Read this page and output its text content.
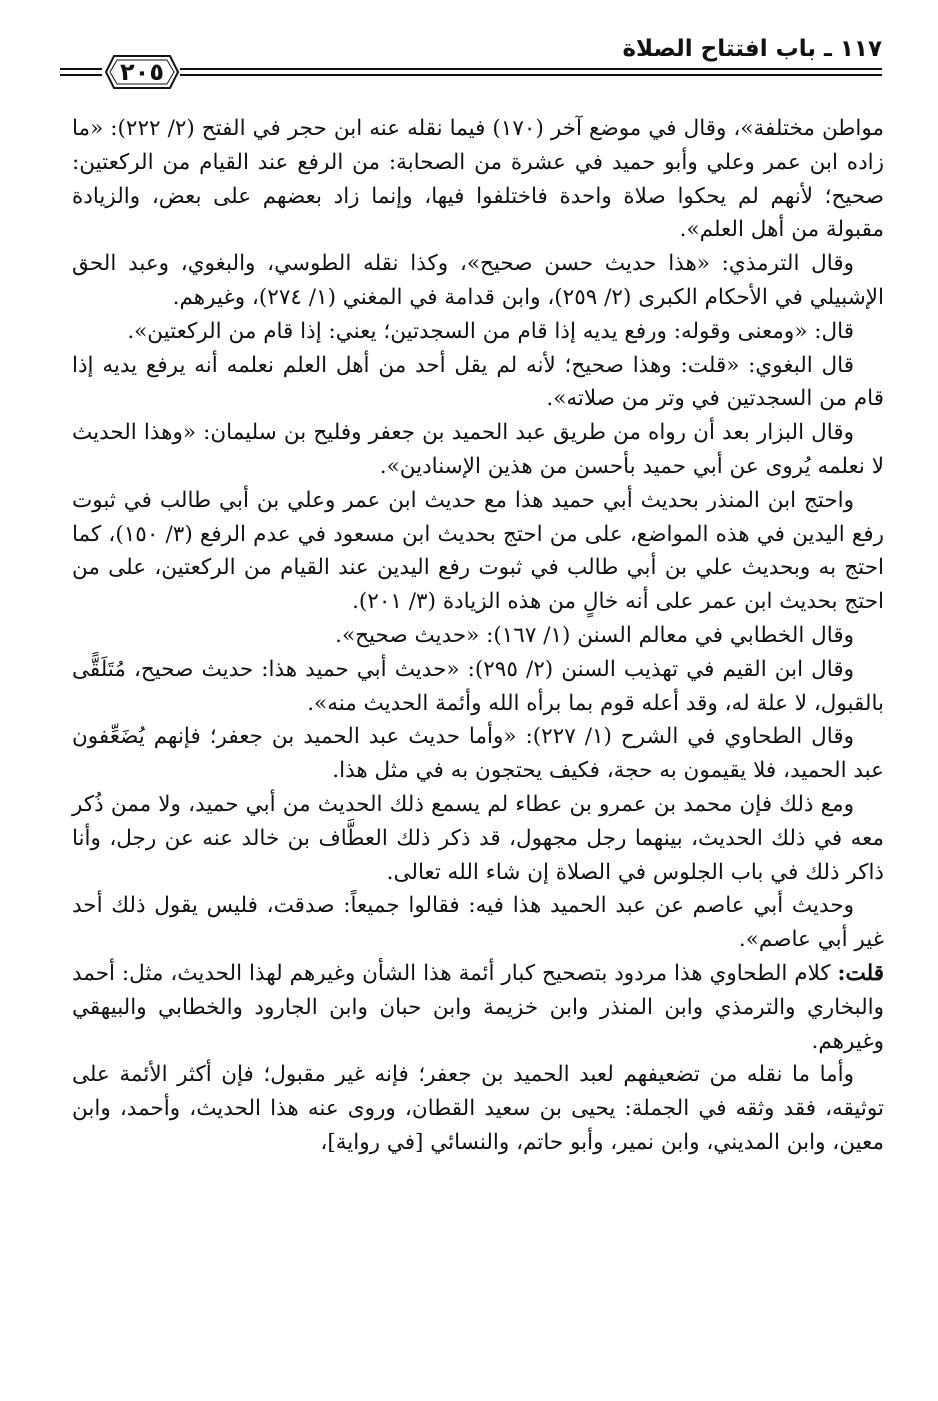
١١٧ ـ باب افتتاح الصلاة
٢٠٥

مواطن مختلفة»، وقال في موضع آخر (١٧٠) فيما نقله عنه ابن حجر في الفتح (٢/ ٢٢٢): «ما زاده ابن عمر وعلي وأبو حميد في عشرة من الصحابة: من الرفع عند القيام من الركعتين: صحيح؛ لأنهم لم يحكوا صلاة واحدة فاختلفوا فيها، وإنما زاد بعضهم على بعض، والزيادة مقبولة من أهل العلم».

وقال الترمذي: «هذا حديث حسن صحيح»، وكذا نقله الطوسي، والبغوي، وعبد الحق الإشبيلي في الأحكام الكبرى (٢/ ٢٥٩)، وابن قدامة في المغني (١/ ٢٧٤)، وغيرهم.

قال: «ومعنى وقوله: ورفع يديه إذا قام من السجدتين؛ يعني: إذا قام من الركعتين».

قال البغوي: «قلت: وهذا صحيح؛ لأنه لم يقل أحد من أهل العلم نعلمه أنه يرفع يديه إذا قام من السجدتين في وتر من صلاته».

وقال البزار بعد أن رواه من طريق عبد الحميد بن جعفر وفليح بن سليمان: «وهذا الحديث لا نعلمه يُروى عن أبي حميد بأحسن من هذين الإسنادين».

واحتج ابن المنذر بحديث أبي حميد هذا مع حديث ابن عمر وعلي بن أبي طالب في ثبوت رفع اليدين في هذه المواضع، على من احتج بحديث ابن مسعود في عدم الرفع (٣/ ١٥٠)، كما احتج به وبحديث علي بن أبي طالب في ثبوت رفع اليدين عند القيام من الركعتين، على من احتج بحديث ابن عمر على أنه خالٍ من هذه الزيادة (٣/ ٢٠١).

وقال الخطابي في معالم السنن (١/ ١٦٧): «حديث صحيح».

وقال ابن القيم في تهذيب السنن (٢/ ٢٩٥): «حديث أبي حميد هذا: حديث صحيح، مُتَلَقًّى بالقبول، لا علة له، وقد أعله قوم بما برأه الله وأئمة الحديث منه».

وقال الطحاوي في الشرح (١/ ٢٢٧): «وأما حديث عبد الحميد بن جعفر؛ فإنهم يُضَعِّفون عبد الحميد، فلا يقيمون به حجة، فكيف يحتجون به في مثل هذا.

ومع ذلك فإن محمد بن عمرو بن عطاء لم يسمع ذلك الحديث من أبي حميد، ولا ممن ذُكر معه في ذلك الحديث، بينهما رجل مجهول، قد ذكر ذلك العطَّاف بن خالد عنه عن رجل، وأنا ذاكر ذلك في باب الجلوس في الصلاة إن شاء الله تعالى.

وحديث أبي عاصم عن عبد الحميد هذا فيه: فقالوا جميعاً: صدقت، فليس يقول ذلك أحد غير أبي عاصم».

قلت: كلام الطحاوي هذا مردود بتصحيح كبار أئمة هذا الشأن وغيرهم لهذا الحديث، مثل: أحمد والبخاري والترمذي وابن المنذر وابن خزيمة وابن حبان وابن الجارود والخطابي والبيهقي وغيرهم.

وأما ما نقله من تضعيفهم لعبد الحميد بن جعفر؛ فإنه غير مقبول؛ فإن أكثر الأئمة على توثيقه، فقد وثقه في الجملة: يحيى بن سعيد القطان، وروى عنه هذا الحديث، وأحمد، وابن معين، وابن المديني، وابن نمير، وأبو حاتم، والنسائي [في رواية]،
